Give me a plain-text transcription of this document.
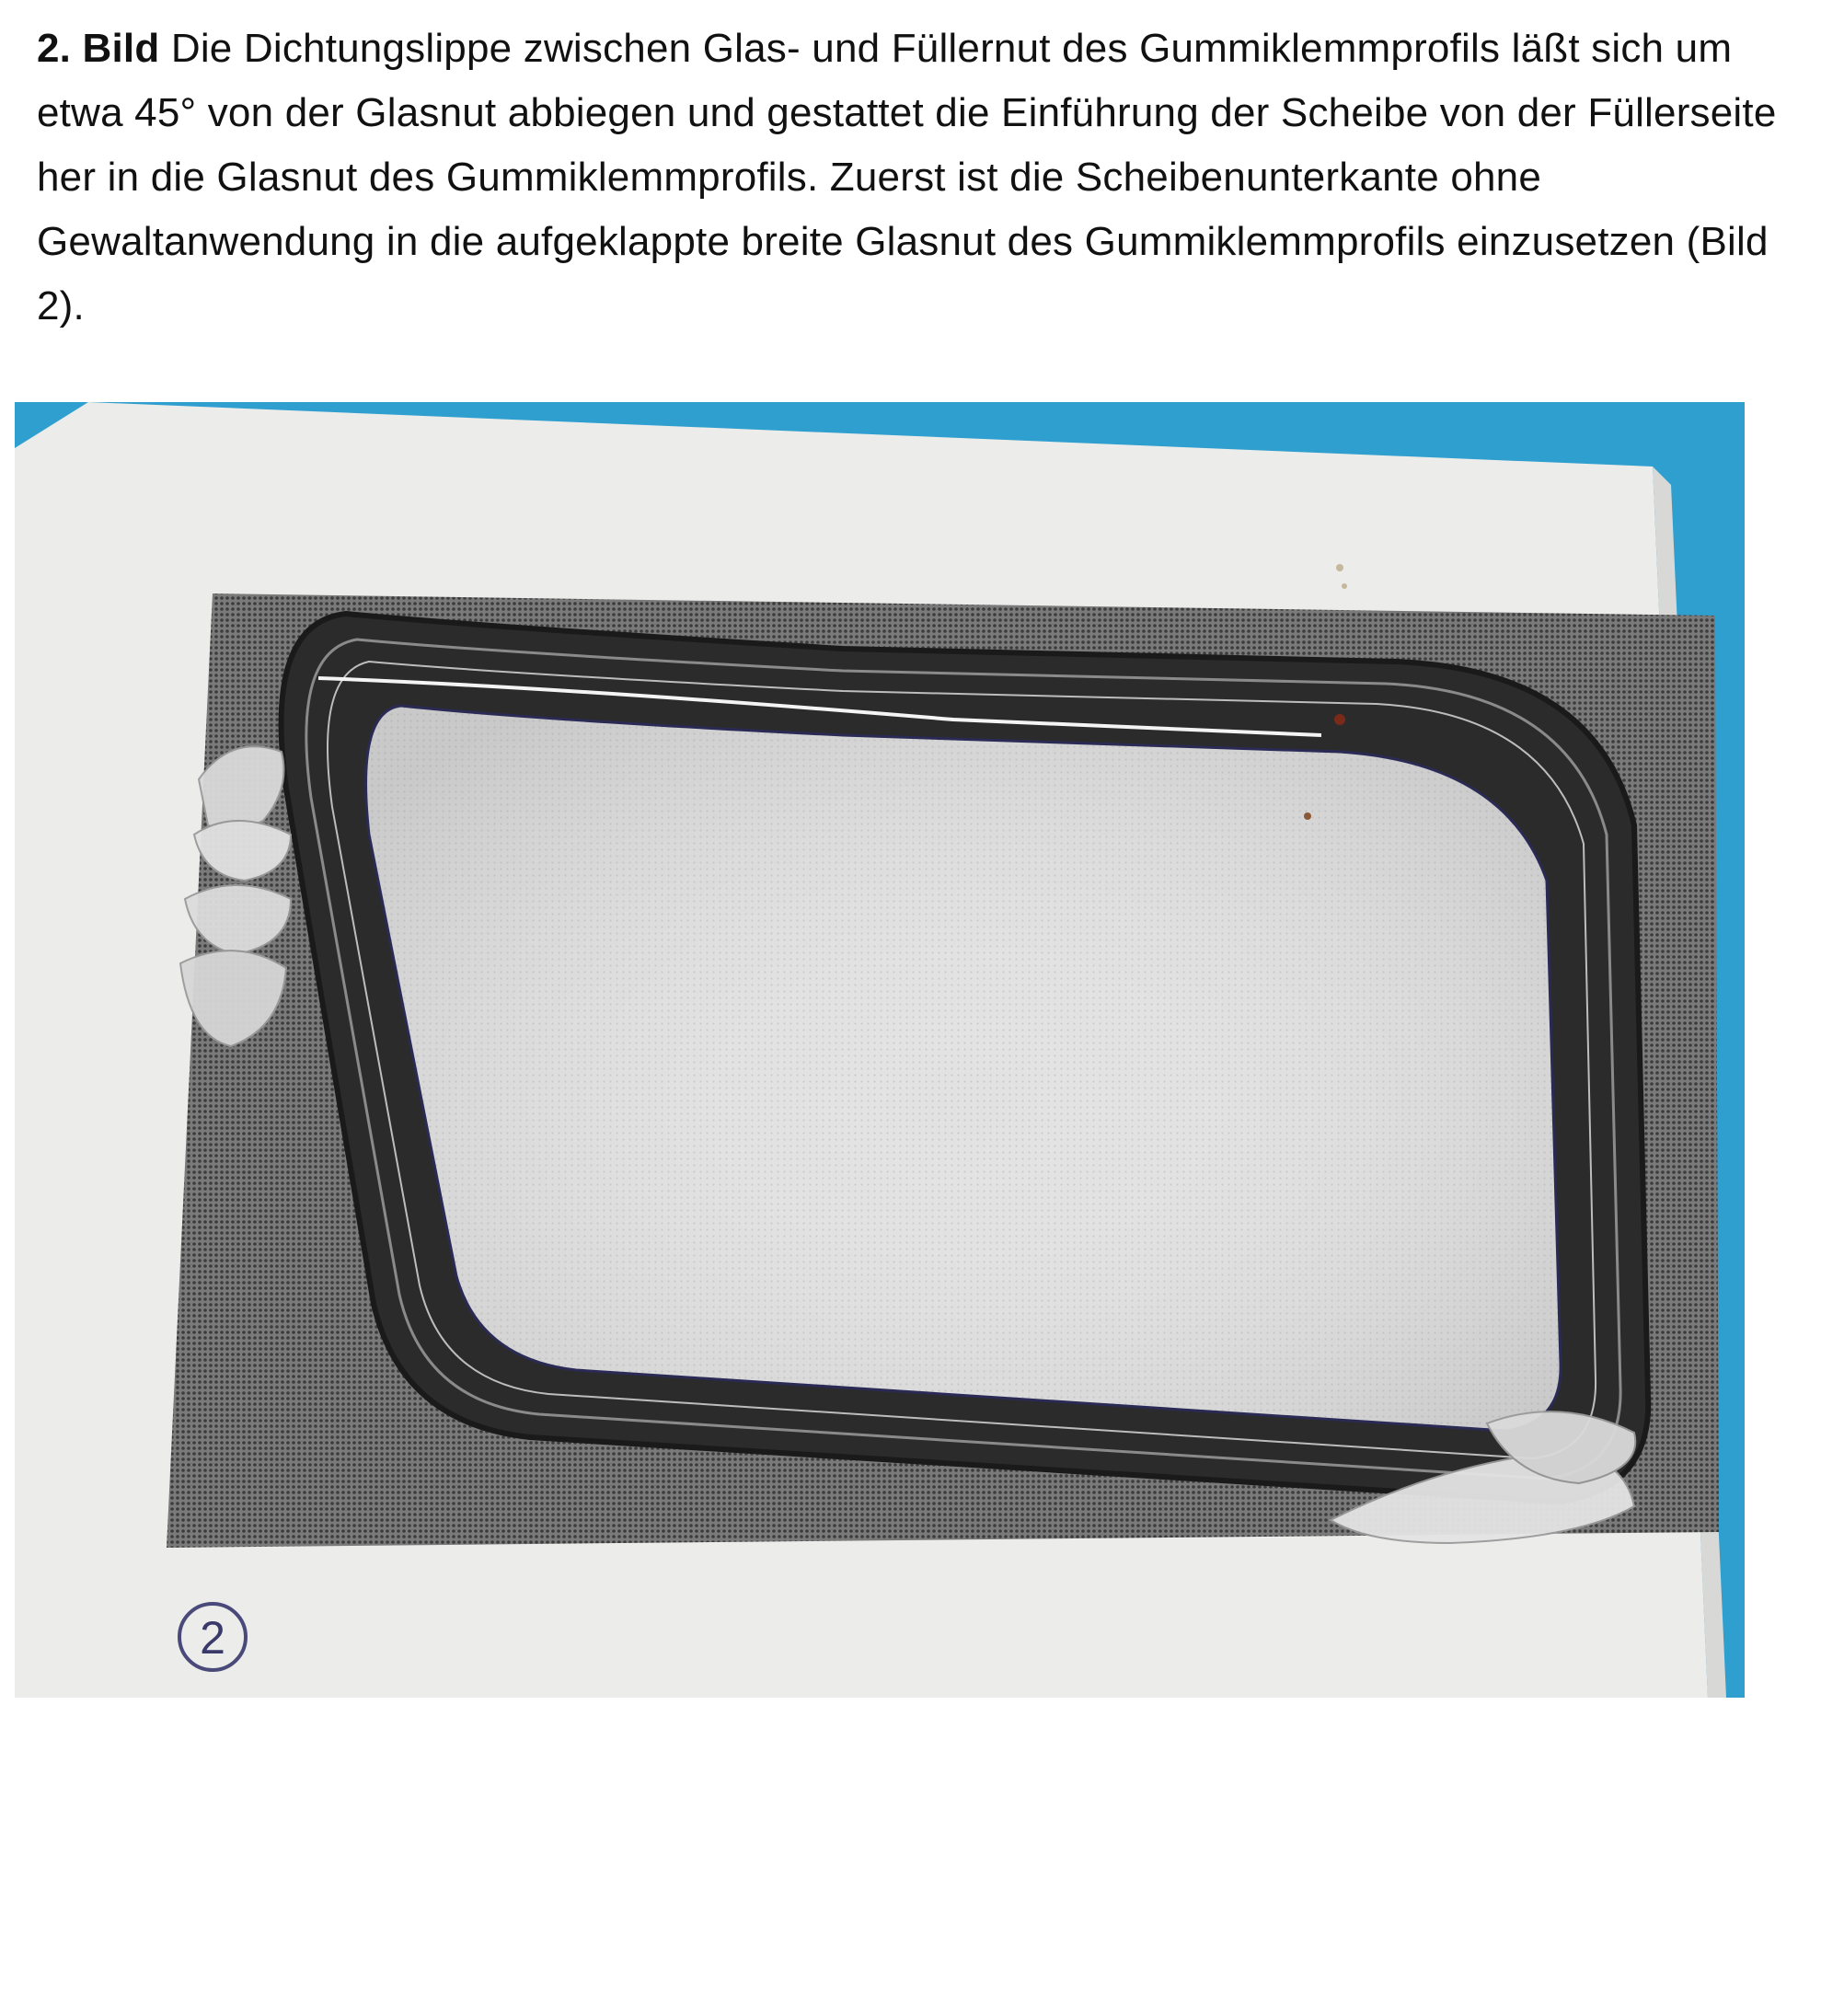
2. Bild Die Dichtungslippe zwischen Glas- und Füllernut des Gummiklemmprofils läßt sich um etwa 45° von der Glasnut abbiegen und gestattet die Einführung der Scheibe von der Füllerseite her in die Glasnut des Gummiklemmprofils. Zuerst ist die Scheibenunterkante ohne Gewaltanwendung in die aufgeklappte breite Glasnut des Gummiklemmprofils einzusetzen (Bild 2).
2
